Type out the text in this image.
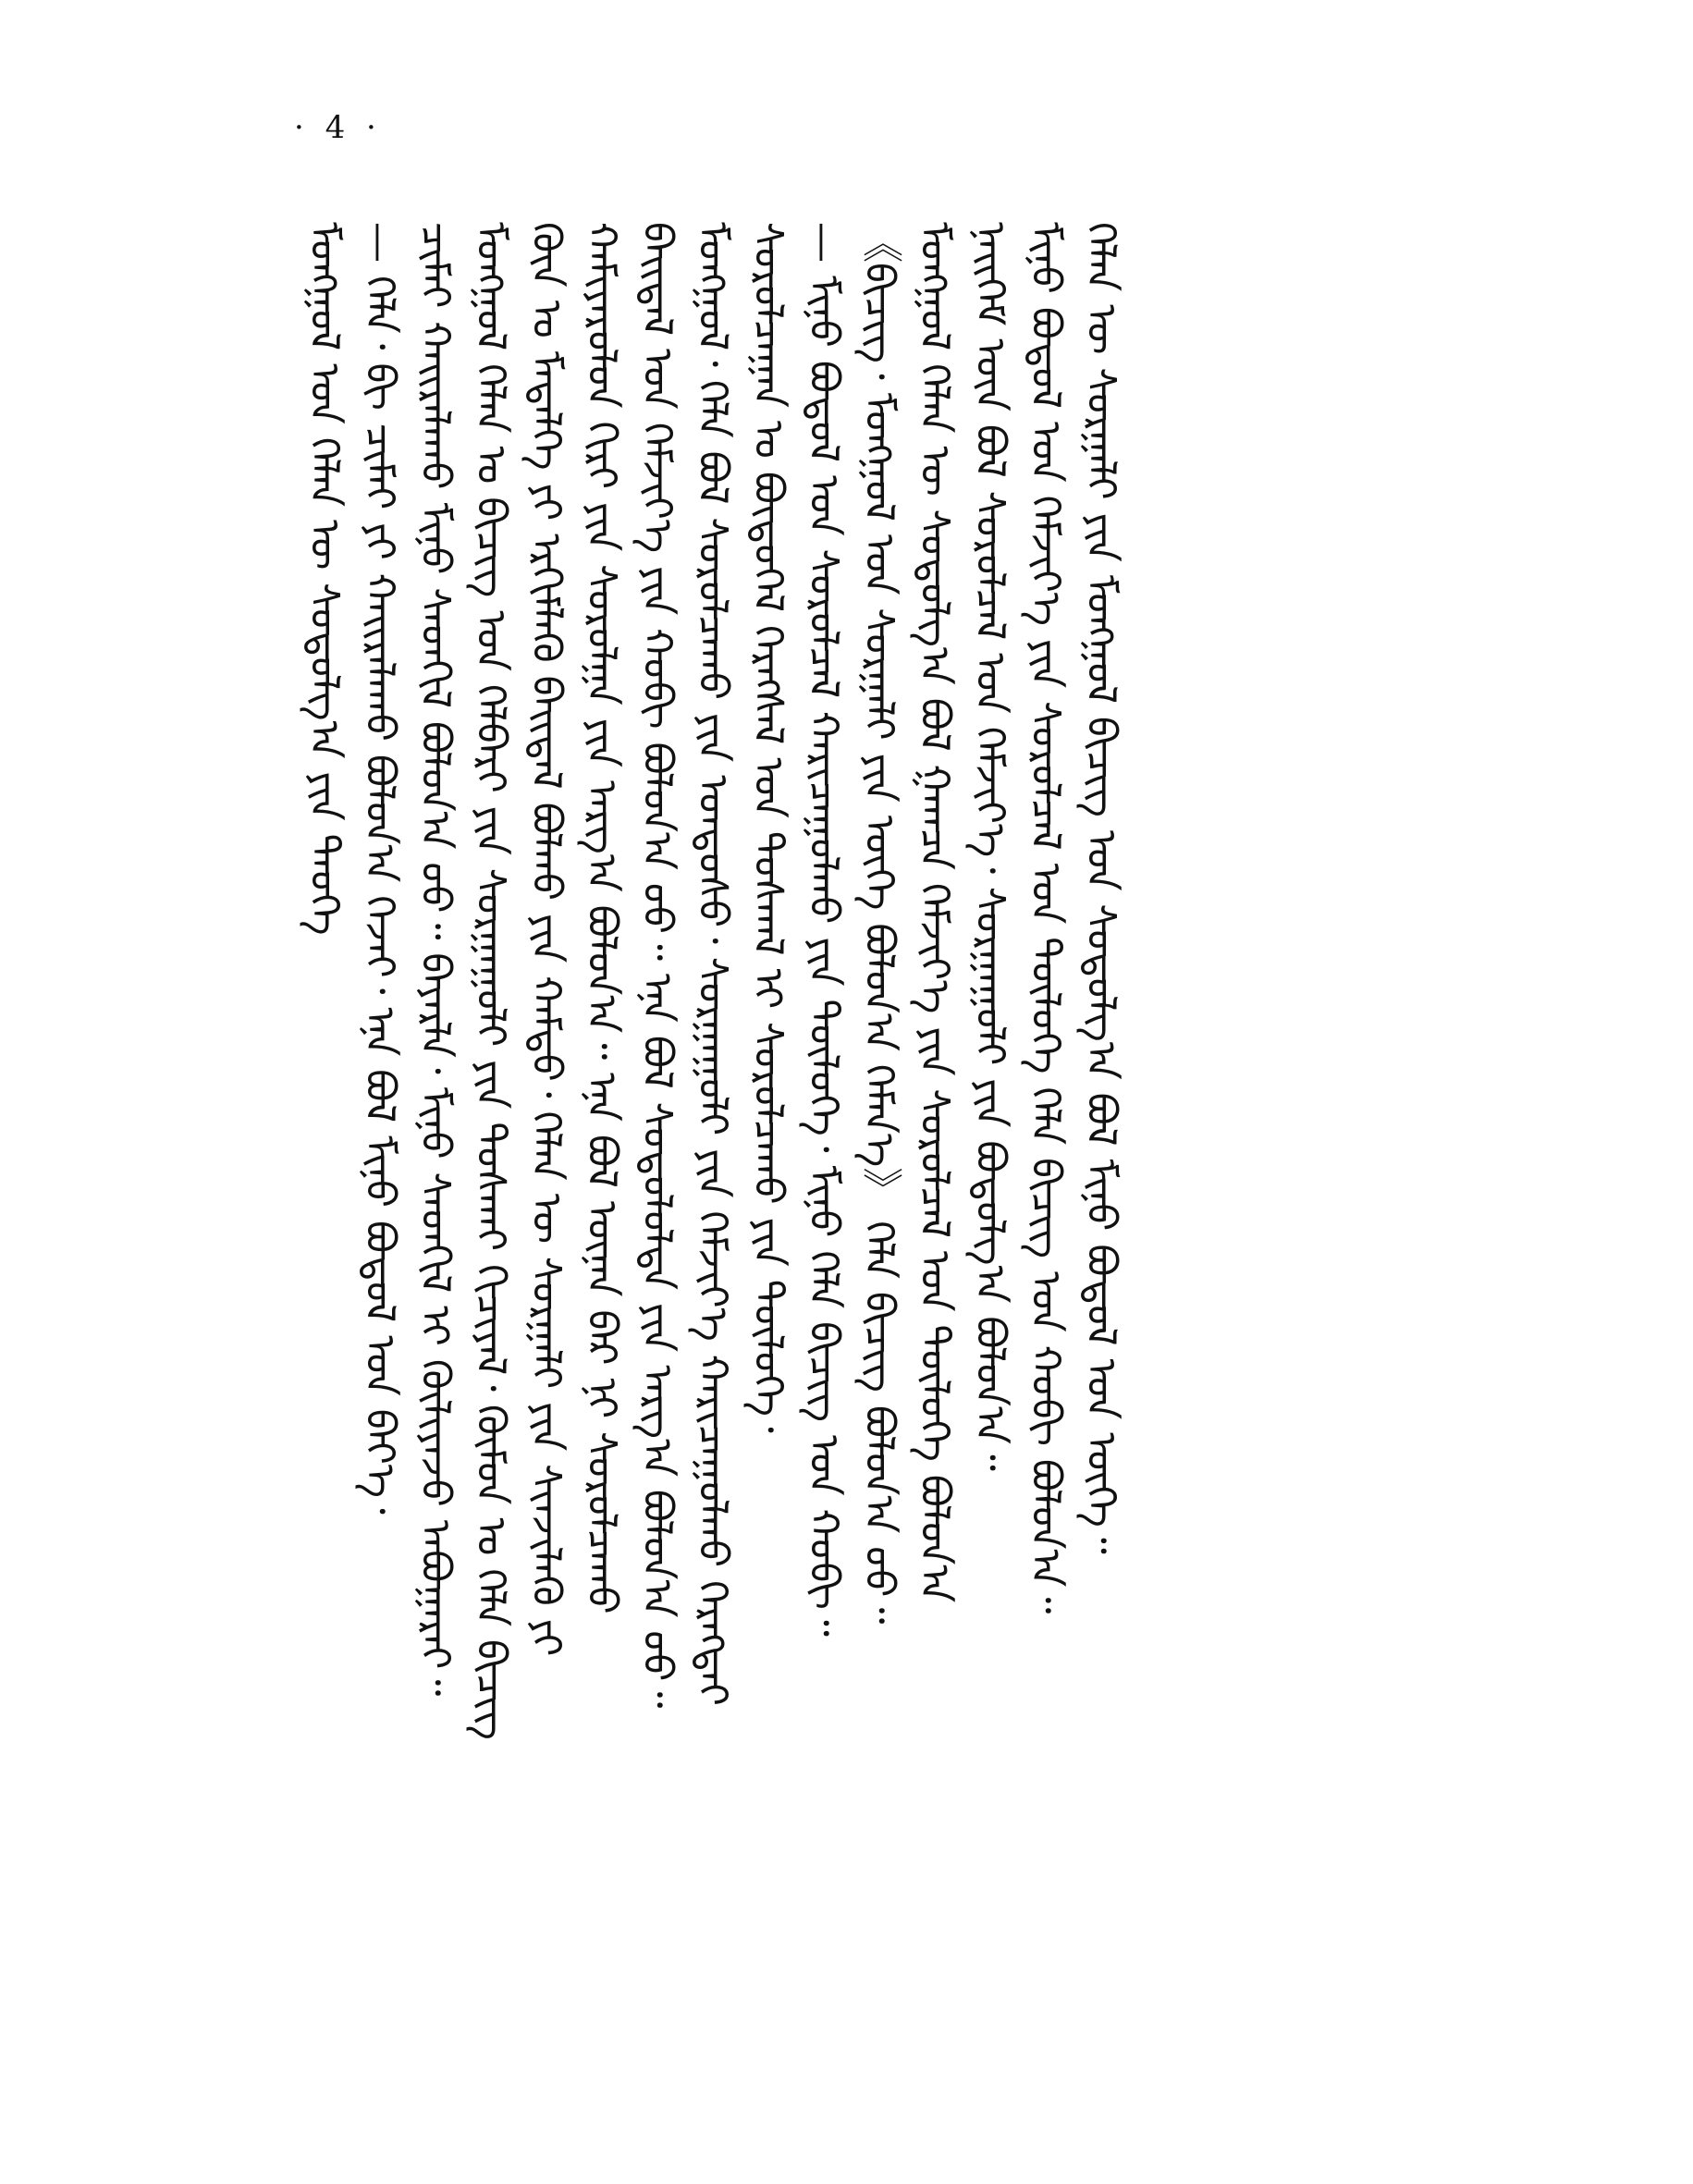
· 4 ·
ᠮᠣᠩᠭᠣᠯ ᠤᠨ ᠬᠡᠯᠡᠨ ᠦ ᠰᠤᠳᠤᠯᠭ᠎ᠠ ᠶᠢᠨ ᠲᠡᠦᠬᠡ — ᠬᠡᠯᠡ᠂ ᠪᠢ ᠴᠢᠮᠠᠢ ᠶᠢ ᠬᠠᠢᠷᠠᠯᠠᠬᠤ ᠪᠣᠯᠤᠨ᠎ᠠ ᠭᠡᠵᠡᠢ᠂ ᠡᠨᠡ ᠪᠣᠯ ᠮᠢᠨᠤ ᠪᠣᠳᠤᠯ ᠤᠨ ᠪᠡᠶ᠎ᠡ᠂ ᠴᠢᠮᠠᠢ ᠬᠠᠢᠷᠠᠯᠠᠬᠤ ᠮᠢᠨᠤ ᠰᠡᠳᠭᠢᠯ ᠪᠣᠯᠤᠨ᠎ᠠ ᠦᠦ᠃ ᠪᠠᠶᠠᠷᠯᠠ᠂ ᠮᠢᠨᠤ ᠰᠡᠳᠭᠢᠯ ᠢ ᠬᠦᠯᠢᠶᠡᠵᠦ ᠠᠪᠤᠭᠠᠷᠠᠢ᠃ ᠮᠣᠩᠭᠣᠯ ᠬᠡᠯᠡᠨ ᠤ ᠪᠢᠴᠢᠭ ᠤᠨ ᠬᠡᠯᠪᠡᠷᠢ ᠶᠢᠨ ᠰᠤᠷᠭᠠᠭᠤᠯᠢ ᠶᠢᠨ ᠲᠤᠰᠬᠠᠢ ᠬᠢᠴᠢᠶᠡᠯ᠂ ᠬᠦᠮᠦᠨ ᠤ ᠬᠡᠯᠡ ᠪᠢᠴᠢᠭ ᠭᠦᠨ ᠤ ᠮᠡᠳᠡᠯᠭᠡ ᠶᠢ ᠡᠷᠬᠢᠮᠯᠡᠬᠦ ᠪᠠᠢᠳᠠᠯ ᠪᠣᠯᠬᠤ ᠶᠢᠨ ᠬᠠᠮᠲᠤ᠂ ᠬᠡᠯᠡᠨ ᠦ ᠰᠤᠷᠭᠠᠯᠢ ᠶᠢᠨ ᠰᠢᠨᠵᠢᠯᠡᠬᠦ ᠶᠢ ᠬᠠᠮᠢᠶᠠᠷᠤᠯᠤᠨ ᠬᠢᠷᠢ ᠶᠢᠨ ᠰᠤᠷᠤᠯᠭᠠ ᠶᠢᠨ ᠠᠷᠭ᠎ᠠ ᠪᠣᠯᠤᠨ᠎ᠠ᠃ ᠡᠨᠡ ᠪᠣᠯ ᠦᠨᠡᠨ ᠪᠡᠷ ᠨᠢ ᠰᠤᠷᠤᠯᠴᠠᠬᠤ ᠪᠠᠢᠳᠠᠯ ᠤᠨ ᠬᠡᠮᠵᠢᠶ᠎ᠡ ᠶᠢᠨ ᠬᠤᠪᠢ ᠪᠣᠯᠤᠨ᠎ᠠ ᠤᠤ᠃ ᠡᠨᠡ ᠪᠣᠯ ᠰᠤᠳᠤᠯᠤᠯᠲᠠ ᠶᠢᠨ ᠠᠷᠭ᠎ᠠ ᠪᠣᠯᠤᠨ᠎ᠠ ᠤᠤ᠃ ᠮᠣᠩᠭᠣᠯ᠂ ᠬᠡᠯᠡ ᠪᠣᠯ ᠰᠤᠷᠤᠯᠴᠠᠬᠤ ᠶᠢᠨ ᠤᠨᠳᠤᠰᠤ᠂ ᠰᠤᠷᠭᠠᠭᠤᠯᠢ ᠶᠢᠨ ᠬᠡᠮᠵᠢᠶ᠎ᠡ ᠬᠠᠷᠢᠴᠠᠭᠤᠯᠬᠤ ᠬᠡᠷᠡᠭᠲᠡᠢ ᠰᠤᠷᠤᠯᠴᠠᠭᠠᠨ ᠤ ᠪᠦᠲᠦᠭᠡᠯ ᠬᠡᠷᠡᠭᠰᠡᠯ ᠤᠨ ᠳᠤᠰᠬᠠᠯ ᠢ ᠰᠤᠷᠤᠯᠴᠠᠬᠤ ᠶᠢᠨ ᠲᠥᠯᠦᠭᠡ᠂ — ᠮᠢᠨᠤ ᠪᠣᠳᠤᠯ ᠤᠨ ᠰᠤᠷᠤᠯᠴᠠᠯ ᠬᠠᠷᠢᠴᠠᠭᠤᠯᠬᠤ ᠶᠢᠨ ᠲᠥᠯᠦᠭᠡ᠂ ᠮᠢᠨᠤ ᠬᠡᠯᠡ ᠪᠢᠴᠢᠭ ᠤᠨ ᠬᠤᠪᠢ᠃ 《ᠪᠢᠴᠢᠭ᠂ ᠮᠣᠩᠭᠣᠯ ᠤᠨ ᠰᠤᠷᠭᠠᠯᠢ ᠶᠢᠨ ᠦᠭᠡ ᠪᠣᠯᠤᠨ᠎ᠠ ᠬᠡᠮᠡᠨ᠎ᠡ》 ᠬᠡᠯᠡ ᠪᠢᠴᠢᠭ ᠪᠣᠯᠤᠨ᠎ᠠ ᠤᠤ᠃ ᠮᠣᠩᠭᠣᠯ ᠬᠡᠯᠡᠨ ᠦ ᠰᠤᠳᠤᠯᠭ᠎ᠠ ᠪᠣᠯ ᠭᠠᠭᠴᠠ ᠬᠡᠮᠵᠢᠶ᠎ᠡ ᠶᠢᠨ ᠰᠤᠷᠤᠯᠴᠠᠯ ᠤᠨ ᠲᠥᠯᠦᠭᠡ ᠪᠣᠯᠤᠨ᠎ᠠ ᠨᠡᠢᠭᠡᠮ ᠦᠨ ᠪᠣᠯ ᠰᠤᠷᠤᠯᠴᠠᠯ ᠤᠨ ᠬᠡᠮᠵᠢᠶ᠎ᠡ᠂ ᠰᠤᠷᠭᠠᠭᠤᠯᠢ ᠶᠢᠨ ᠪᠣᠳᠤᠯᠭ᠎ᠠ ᠪᠣᠯᠤᠨ᠎ᠠ᠃ ᠮᠢᠨᠤ ᠪᠣᠳᠤᠯ ᠤᠨ ᠬᠡᠮᠵᠢᠶ᠎ᠡ ᠶᠢᠨ ᠰᠤᠷᠤᠯᠴᠠᠯ ᠤᠨ ᠲᠥᠯᠦᠭᠡ ᠬᠡᠯᠡ ᠪᠢᠴᠢᠭ ᠤᠨ ᠬᠤᠪᠢ ᠪᠣᠯᠤᠨ᠎ᠠ᠃ ᠬᠡᠯᠡᠨ ᠦ ᠰᠤᠷᠭᠠᠯᠢ ᠶᠢᠨ ᠮᠣᠩᠭᠣᠯ ᠪᠢᠴᠢᠭ ᠤᠨ ᠰᠤᠳᠤᠯᠭ᠎ᠠ ᠪᠣᠯ ᠮᠢᠨᠤ ᠪᠣᠳᠤᠯ ᠤᠨ ᠦᠭᠡ᠃
